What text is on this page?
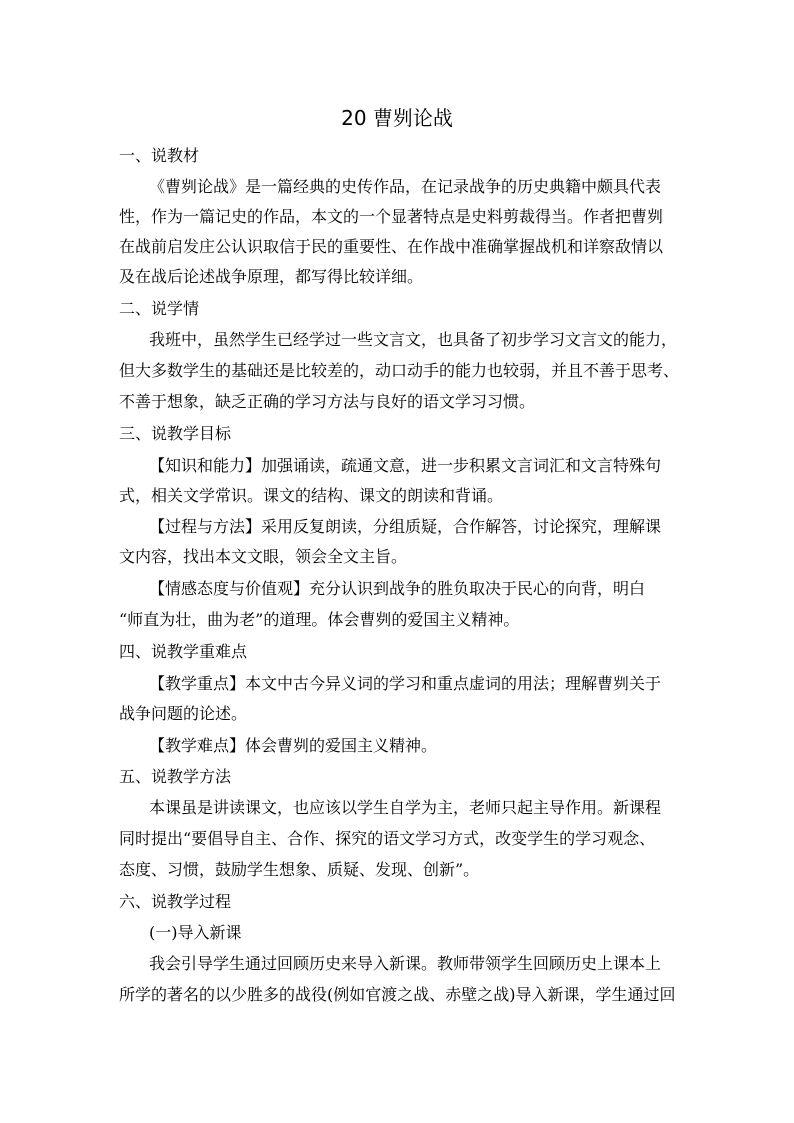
20 曹刿论战
一、说教材
《曹刿论战》是一篇经典的史传作品，在记录战争的历史典籍中颇具代表
性，作为一篇记史的作品，本文的一个显著特点是史料剪裁得当。作者把曹刿
在战前启发庄公认识取信于民的重要性、在作战中准确掌握战机和详察敌情以
及在战后论述战争原理，都写得比较详细。
二、说学情
我班中，虽然学生已经学过一些文言文，也具备了初步学习文言文的能力，
但大多数学生的基础还是比较差的，动口动手的能力也较弱，并且不善于思考、
不善于想象，缺乏正确的学习方法与良好的语文学习习惯。
三、说教学目标
【知识和能力】加强诵读，疏通文意，进一步积累文言词汇和文言特殊句
式，相关文学常识。课文的结构、课文的朗读和背诵。
【过程与方法】采用反复朗读，分组质疑，合作解答，讨论探究，理解课
文内容，找出本文文眼，领会全文主旨。
【情感态度与价值观】充分认识到战争的胜负取决于民心的向背，明白
“师直为壮，曲为老”的道理。体会曹刿的爱国主义精神。
四、说教学重难点
【教学重点】本文中古今异义词的学习和重点虚词的用法；理解曹刿关于
战争问题的论述。
【教学难点】体会曹刿的爱国主义精神。
五、说教学方法
本课虽是讲读课文，也应该以学生自学为主，老师只起主导作用。新课程
同时提出“要倡导自主、合作、探究的语文学习方式，改变学生的学习观念、
态度、习惯，鼓励学生想象、质疑、发现、创新”。
六、说教学过程
(一)导入新课
我会引导学生通过回顾历史来导入新课。教师带领学生回顾历史上课本上
所学的著名的以少胜多的战役(例如官渡之战、赤壁之战)导入新课，学生通过回
